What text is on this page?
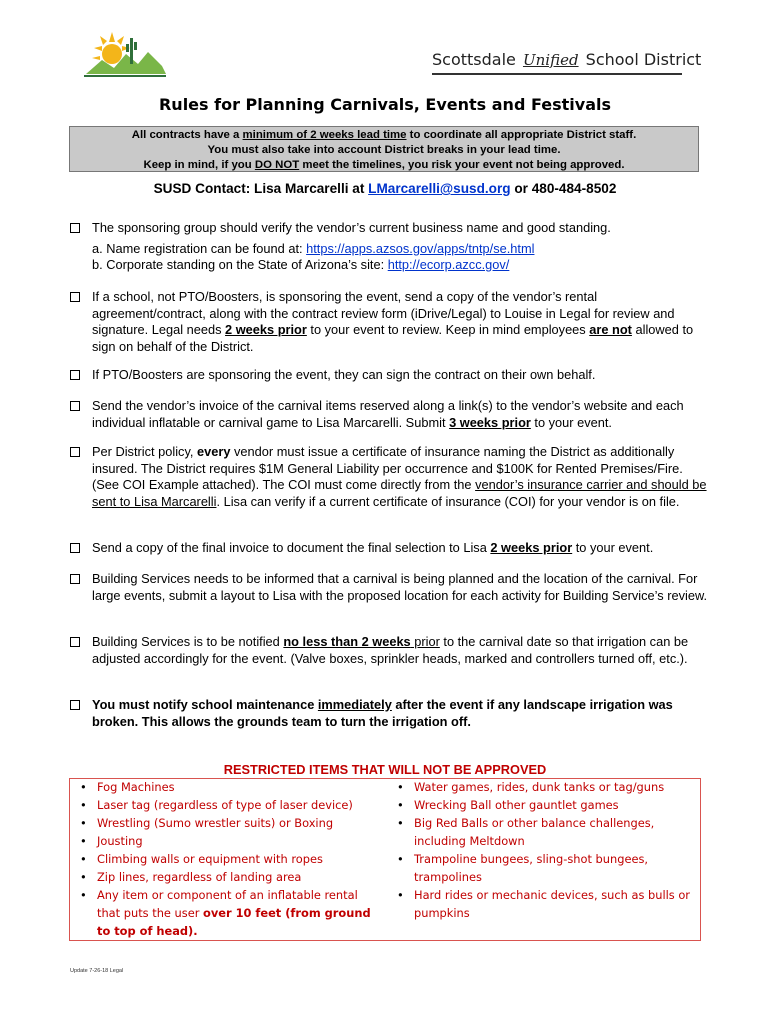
Scottsdale Unified School District
Rules for Planning Carnivals, Events and Festivals
All contracts have a minimum of 2 weeks lead time to coordinate all appropriate District staff.
You must also take into account District breaks in your lead time.
Keep in mind, if you DO NOT meet the timelines, you risk your event not being approved.
SUSD Contact: Lisa Marcarelli at LMarcarelli@susd.org or 480-484-8502
The sponsoring group should verify the vendor’s current business name and good standing.
a. Name registration can be found at: https://apps.azsos.gov/apps/tntp/se.html
b. Corporate standing on the State of Arizona’s site: http://ecorp.azcc.gov/
If a school, not PTO/Boosters, is sponsoring the event, send a copy of the vendor’s rental agreement/contract, along with the contract review form (iDrive/Legal) to Louise in Legal for review and signature. Legal needs 2 weeks prior to your event to review. Keep in mind employees are not allowed to sign on behalf of the District.
If PTO/Boosters are sponsoring the event, they can sign the contract on their own behalf.
Send the vendor’s invoice of the carnival items reserved along a link(s) to the vendor’s website and each individual inflatable or carnival game to Lisa Marcarelli. Submit 3 weeks prior to your event.
Per District policy, every vendor must issue a certificate of insurance naming the District as additionally insured. The District requires $1M General Liability per occurrence and $100K for Rented Premises/Fire. (See COI Example attached). The COI must come directly from the vendor’s insurance carrier and should be sent to Lisa Marcarelli. Lisa can verify if a current certificate of insurance (COI) for your vendor is on file.
Send a copy of the final invoice to document the final selection to Lisa 2 weeks prior to your event.
Building Services needs to be informed that a carnival is being planned and the location of the carnival. For large events, submit a layout to Lisa with the proposed location for each activity for Building Service’s review.
Building Services is to be notified no less than 2 weeks prior to the carnival date so that irrigation can be adjusted accordingly for the event. (Valve boxes, sprinkler heads, marked and controllers turned off, etc.).
You must notify school maintenance immediately after the event if any landscape irrigation was broken. This allows the grounds team to turn the irrigation off.
RESTRICTED ITEMS THAT WILL NOT BE APPROVED
• Fog Machines
• Laser tag (regardless of type of laser device)
• Wrestling (Sumo wrestler suits) or Boxing
• Jousting
• Climbing walls or equipment with ropes
• Zip lines, regardless of landing area
• Any item or component of an inflatable rental that puts the user over 10 feet (from ground to top of head).
• Water games, rides, dunk tanks or tag/guns
• Wrecking Ball other gauntlet games
• Big Red Balls or other balance challenges, including Meltdown
• Trampoline bungees, sling-shot bungees, trampolines
• Hard rides or mechanic devices, such as bulls or pumpkins
Update 7-26-18 Legal
